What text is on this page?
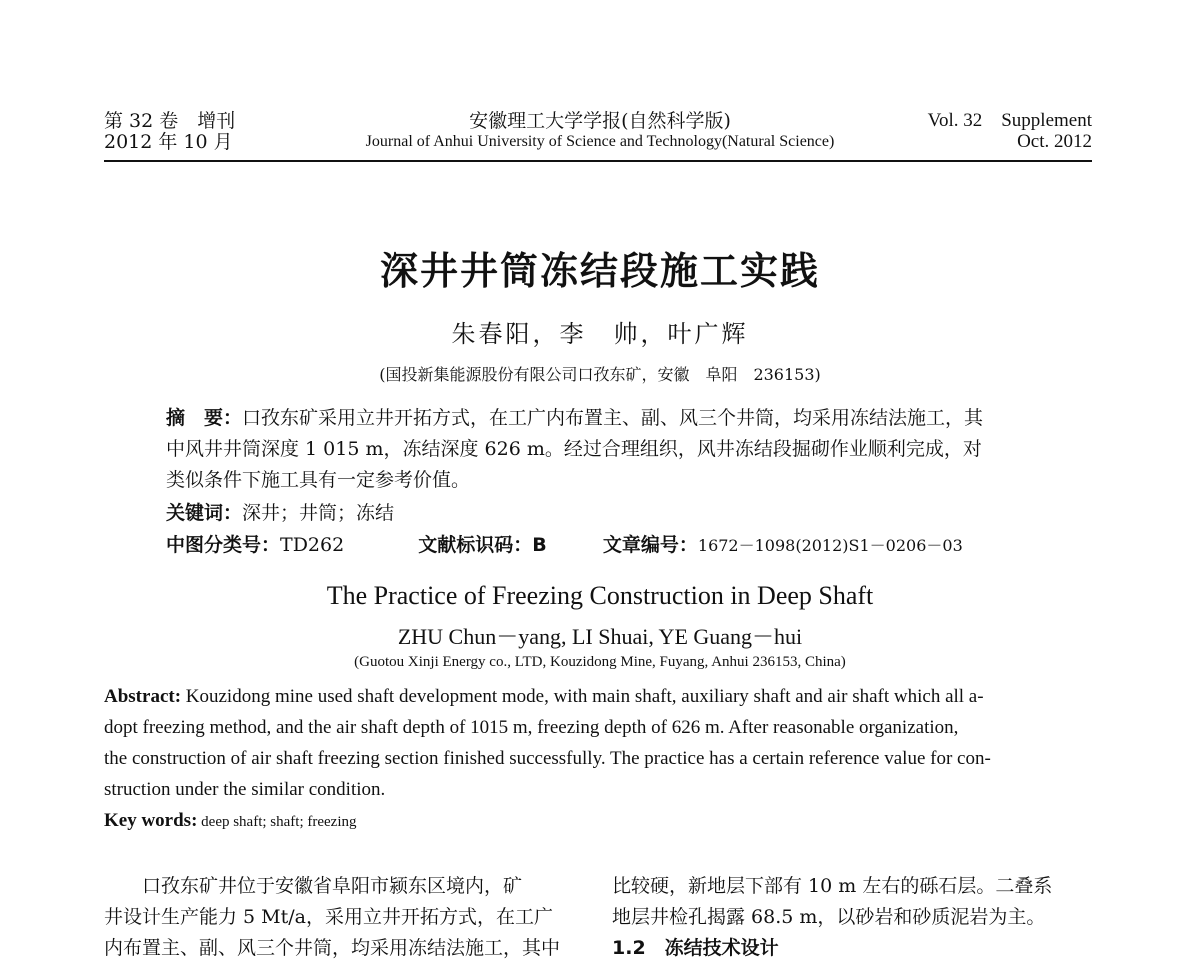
第 32 卷　增刊
2012 年 10 月
安徽理工大学学报(自然科学版)
Journal of Anhui University of Science and Technology(Natural Science)
Vol. 32　Supplement
Oct. 2012
深井井筒冻结段施工实践
朱春阳，李　帅，叶广辉
(国投新集能源股份有限公司口孜东矿，安徽　阜阳　236153)
摘　要：口孜东矿采用立井开拓方式，在工广内布置主、副、风三个井筒，均采用冻结法施工，其
中风井井筒深度 1 015 m，冻结深度 626 m。经过合理组织，风井冻结段掘砌作业顺利完成，对
类似条件下施工具有一定参考价值。
关键词：深井；井筒；冻结
中图分类号：TD262	文献标识码：B	文章编号：1672－1098(2012)S1－0206－03
The Practice of Freezing Construction in Deep Shaft
ZHU Chun－yang, LI Shuai, YE Guang－hui
(Guotou Xinji Energy co., LTD, Kouzidong Mine, Fuyang, Anhui 236153, China)
Abstract: Kouzidong mine used shaft development mode, with main shaft, auxiliary shaft and air shaft which all a-
dopt freezing method, and the air shaft depth of 1015 m, freezing depth of 626 m. After reasonable organization,
the construction of air shaft freezing section finished successfully. The practice has a certain reference value for con-
struction under the similar condition.
Key words: deep shaft; shaft; freezing
　　口孜东矿井位于安徽省阜阳市颍东区境内，矿
井设计生产能力 5 Mt/a，采用立井开拓方式，在工广
内布置主、副、风三个井筒，均采用冻结法施工，其中
比较硬，新地层下部有 10 m 左右的砾石层。二叠系
地层井检孔揭露 68.5 m，以砂岩和砂质泥岩为主。
1.2　冻结技术设计
